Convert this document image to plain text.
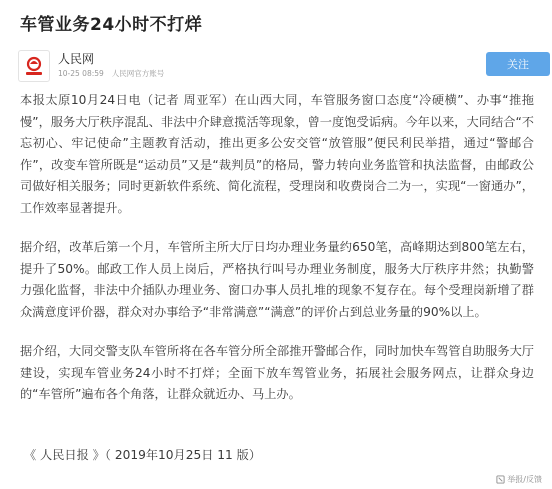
车管业务24小时不打烊
人民网
10-25 08:59 人民网官方账号
关注

本报太原10月24日电（记者 周亚军）在山西大同，车管服务窗口态度“冷硬横”、办事“推拖慢”，服务大厅秩序混乱、非法中介肆意揽活等现象，曾一度饱受诟病。今年以来，大同结合“不忘初心、牢记使命”主题教育活动，推出更多公安交管“放管服”便民利民举措，通过“警邮合作”，改变车管所既是“运动员”又是“裁判员”的格局，警力转向业务监管和执法监督，由邮政公司做好相关服务；同时更新软件系统、简化流程，受理岗和收费岗合二为一，实现“一窗通办”，工作效率显著提升。

据介绍，改革后第一个月，车管所主所大厅日均办理业务量约650笔，高峰期达到800笔左右，提升了50%。邮政工作人员上岗后，严格执行叫号办理业务制度，服务大厅秩序井然；执勤警力强化监督，非法中介插队办理业务、窗口办事人员扎堆的现象不复存在。每个受理岗新增了群众满意度评价器，群众对办事给予“非常满意”“满意”的评价占到总业务量的90%以上。

据介绍，大同交警支队车管所将在各车管分所全部推开警邮合作，同时加快车驾管自助服务大厅建设，实现车管业务24小时不打烊；全面下放车驾管业务，拓展社会服务网点，让群众身边的“车管所”遍布各个角落，让群众就近办、马上办。

《 人民日报 》（ 2019年10月25日 11 版）
举报/反馈
